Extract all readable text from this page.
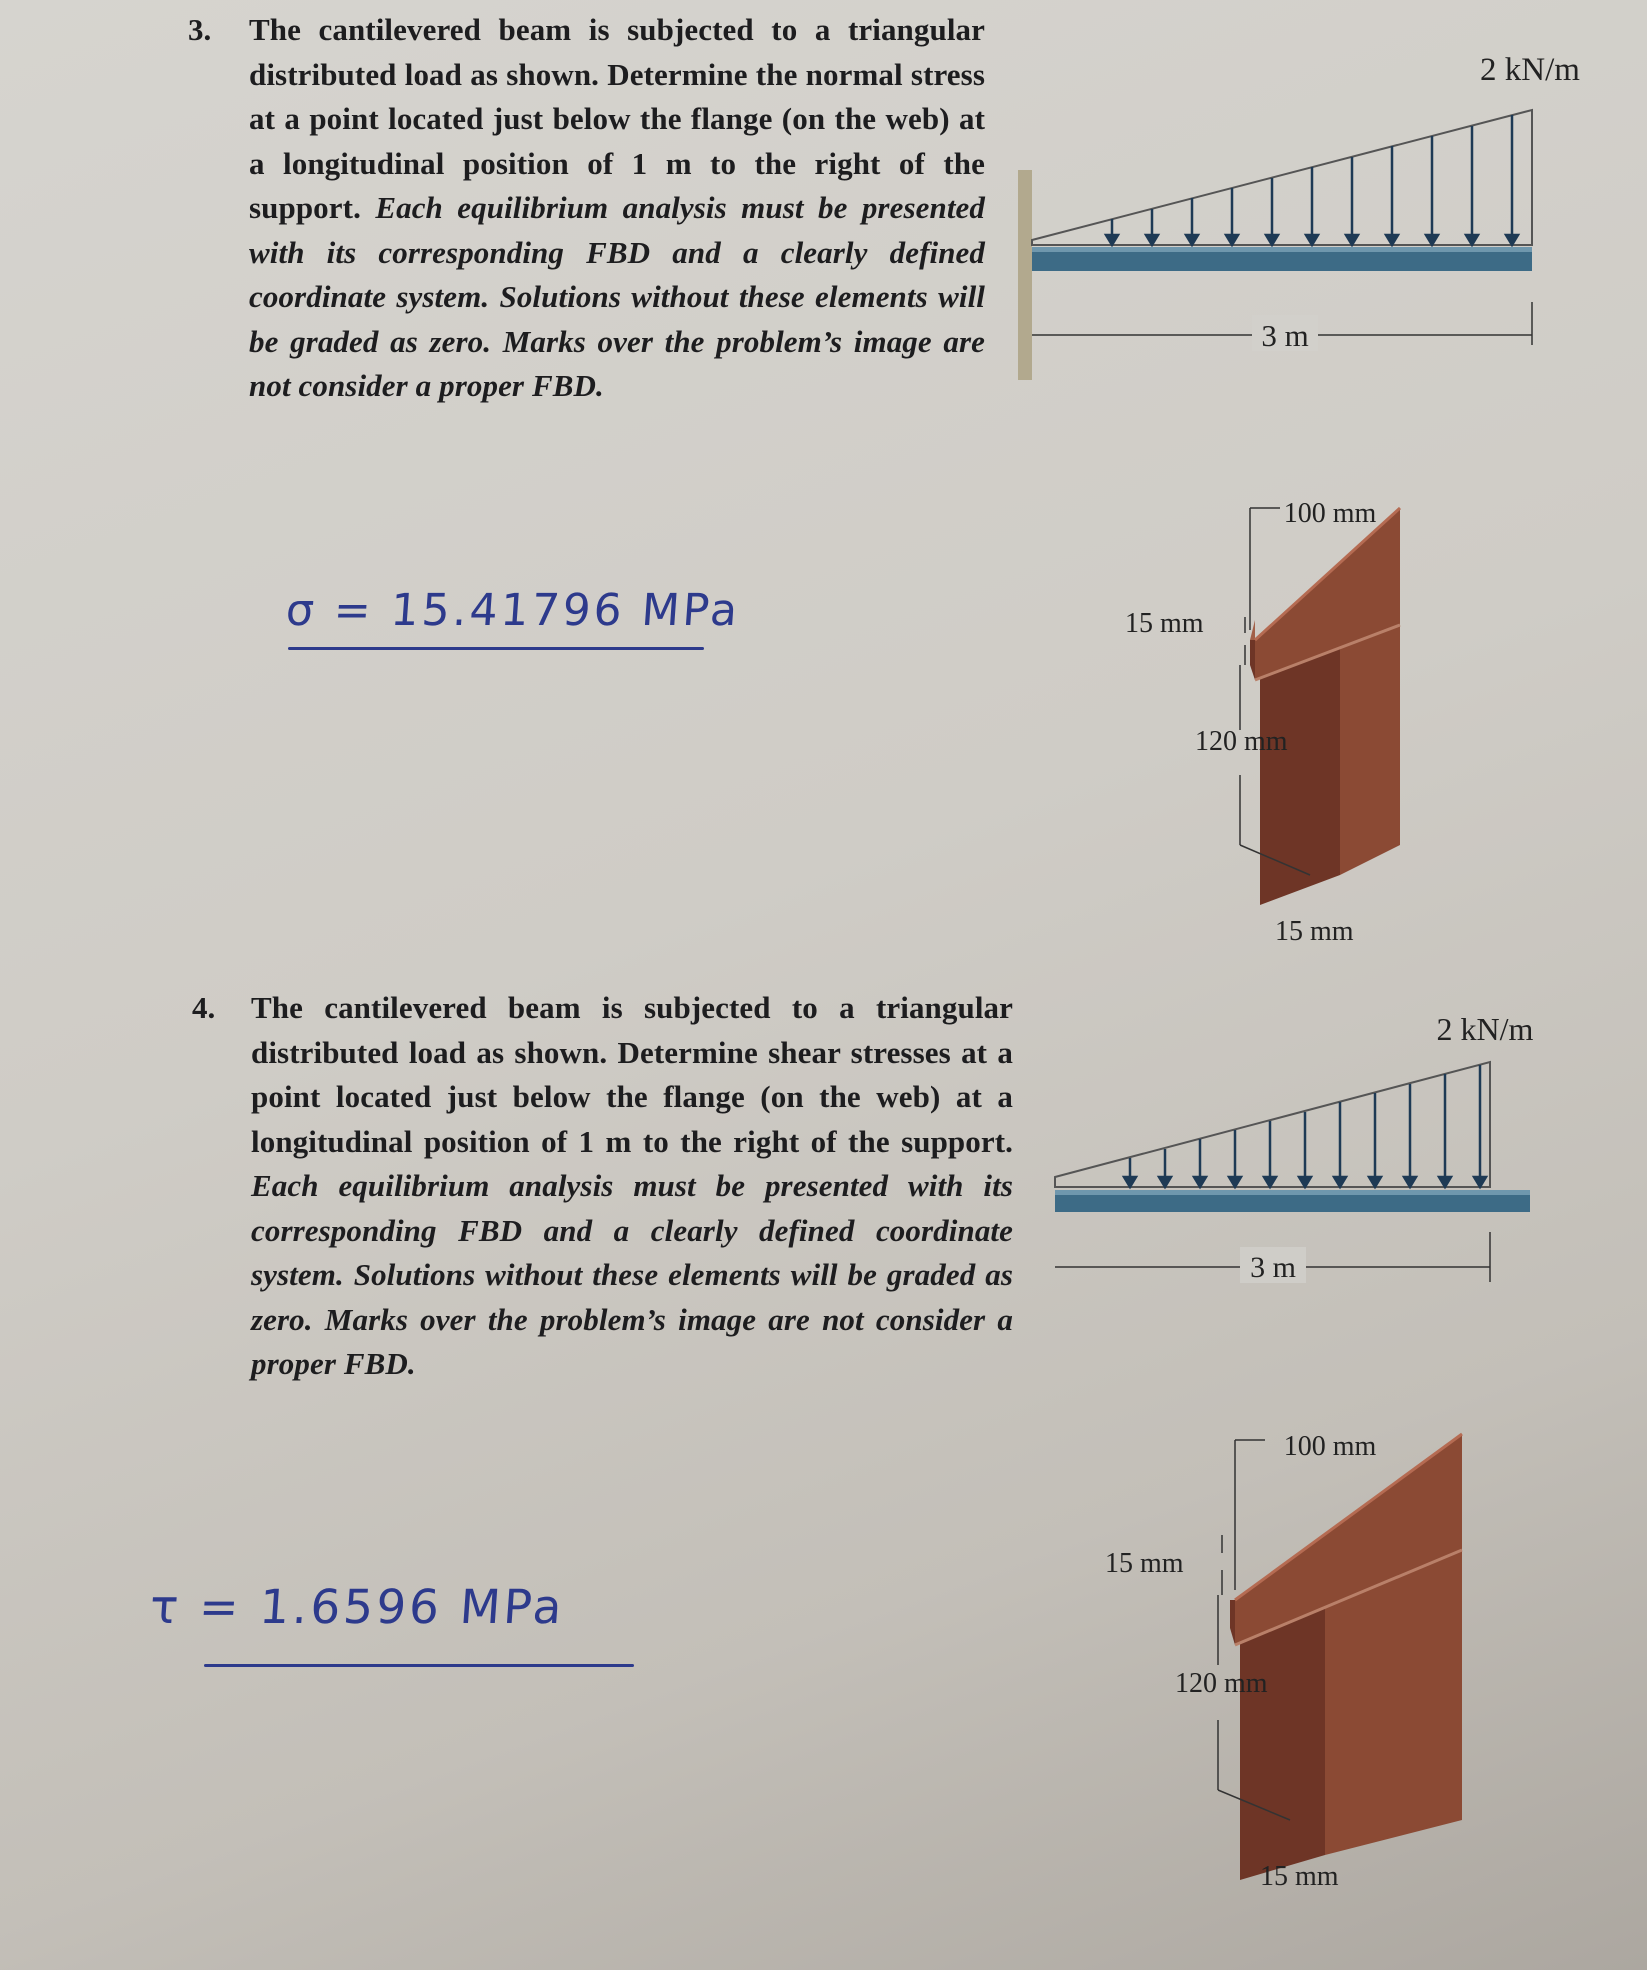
3. The cantilevered beam is subjected to a triangular distributed load as shown. Determine the normal stress at a point located just below the flange (on the web) at a longitudinal position of 1 m to the right of the support. Each equilibrium analysis must be presented with its corresponding FBD and a clearly defined coordinate system. Solutions without these elements will be graded as zero. Marks over the problem’s image are not consider a proper FBD.
σ = 15.41796 MPa
3 m
2 kN/m
100 mm
15 mm
120 mm
15 mm
4. The cantilevered beam is subjected to a triangular distributed load as shown. Determine shear stresses at a point located just below the flange (on the web) at a longitudinal position of 1 m to the right of the support. Each equilibrium analysis must be presented with its corresponding FBD and a clearly defined coordinate system. Solutions without these elements will be graded as zero. Marks over the problem’s image are not consider a proper FBD.
τ = 1.6596 MPa
3 m
2 kN/m
100 mm
15 mm
120 mm
15 mm
